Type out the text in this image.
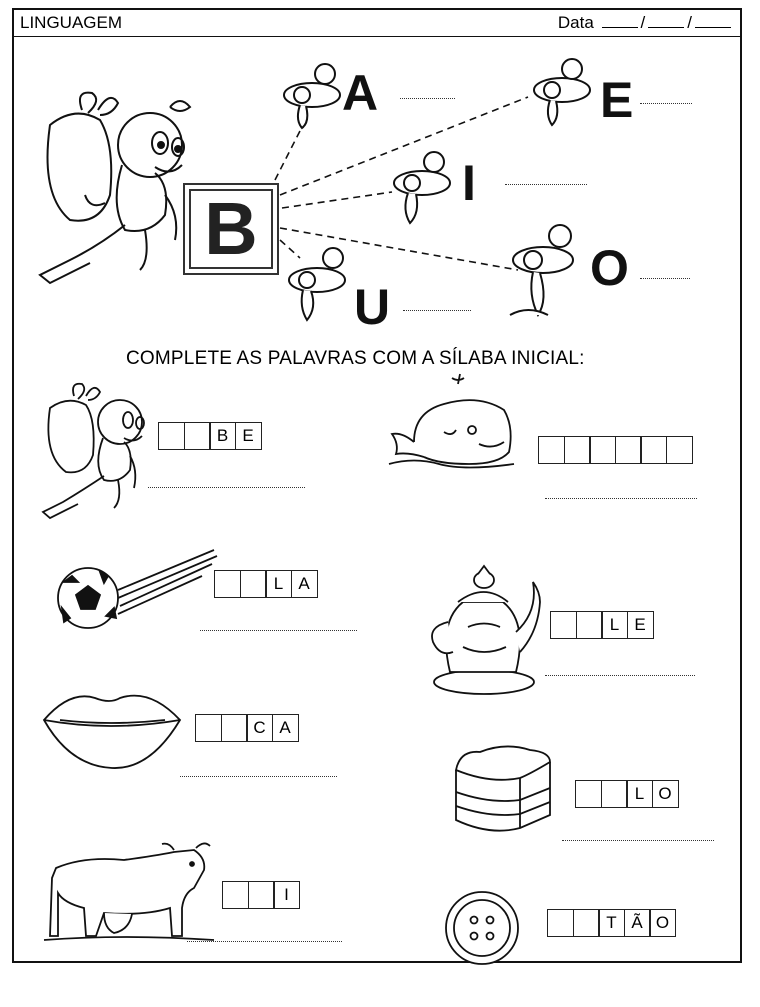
LINGUAGEM	Data	/ /
B
A	E
I
O
U
COMPLETE AS PALAVRAS COM A SÍLABA INICIAL:
B E
L A
L E
C A
L O
I
T Ã O
